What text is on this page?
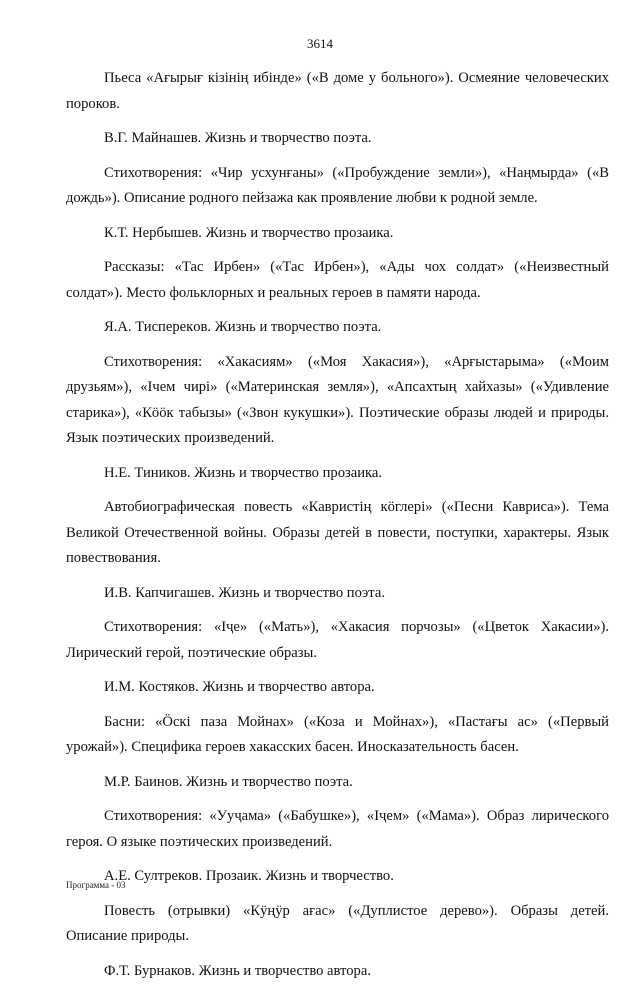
3614

Пьеса «Ағырығ кізінің ибінде» («В доме у больного»). Осмеяние человеческих пороков.

В.Г. Майнашев. Жизнь и творчество поэта.

Стихотворения: «Чир усхунғаны» («Пробуждение земли»), «Наңмырда» («В дождь»). Описание родного пейзажа как проявление любви к родной земле.

К.Т. Нербышев. Жизнь и творчество прозаика.

Рассказы: «Тас Ирбен» («Тас Ирбен»), «Ады чох солдат» («Неизвестный солдат»). Место фольклорных и реальных героев в памяти народа.

Я.А. Тисперекoв. Жизнь и творчество поэта.

Стихотворения: «Хакасиям» («Моя Хакасия»), «Арғыстарыма» («Моим друзьям»), «Ічем чирі» («Материнская земля»), «Апсахтың хайхазы» («Удивление старика»), «Кӧӧк табызы» («Звон кукушки»). Поэтические образы людей и природы. Язык поэтических произведений.

Н.Е. Тиников. Жизнь и творчество прозаика.

Автобиографическая повесть «Кавристің кӧглері» («Песни Кавриса»). Тема Великой Отечественной войны. Образы детей в повести, поступки, характеры. Язык повествования.

И.В. Капчигашев. Жизнь и творчество поэта.

Стихотворения: «Іҷе» («Мать»), «Хакасия порчозы» («Цветок Хакасии»). Лирический герой, поэтические образы.

И.М. Костяков. Жизнь и творчество автора.

Басни: «Ӧскі паза Мойнах» («Коза и Мойнах»), «Пастағы ас» («Первый урожай»). Специфика героев хакасских басен. Иносказательность басен.

М.Р. Баинов. Жизнь и творчество поэта.

Стихотворения: «Ууҷама» («Бабушке»), «Іҷем» («Мама»). Образ лирического героя. О языке поэтических произведений.

А.Е. Султреков. Прозаик. Жизнь и творчество.

Повесть (отрывки) «Кӱңӱр ағас» («Дуплистое дерево»). Образы детей. Описание природы.

Ф.Т. Бурнаков. Жизнь и творчество автора.

Программа - 03
